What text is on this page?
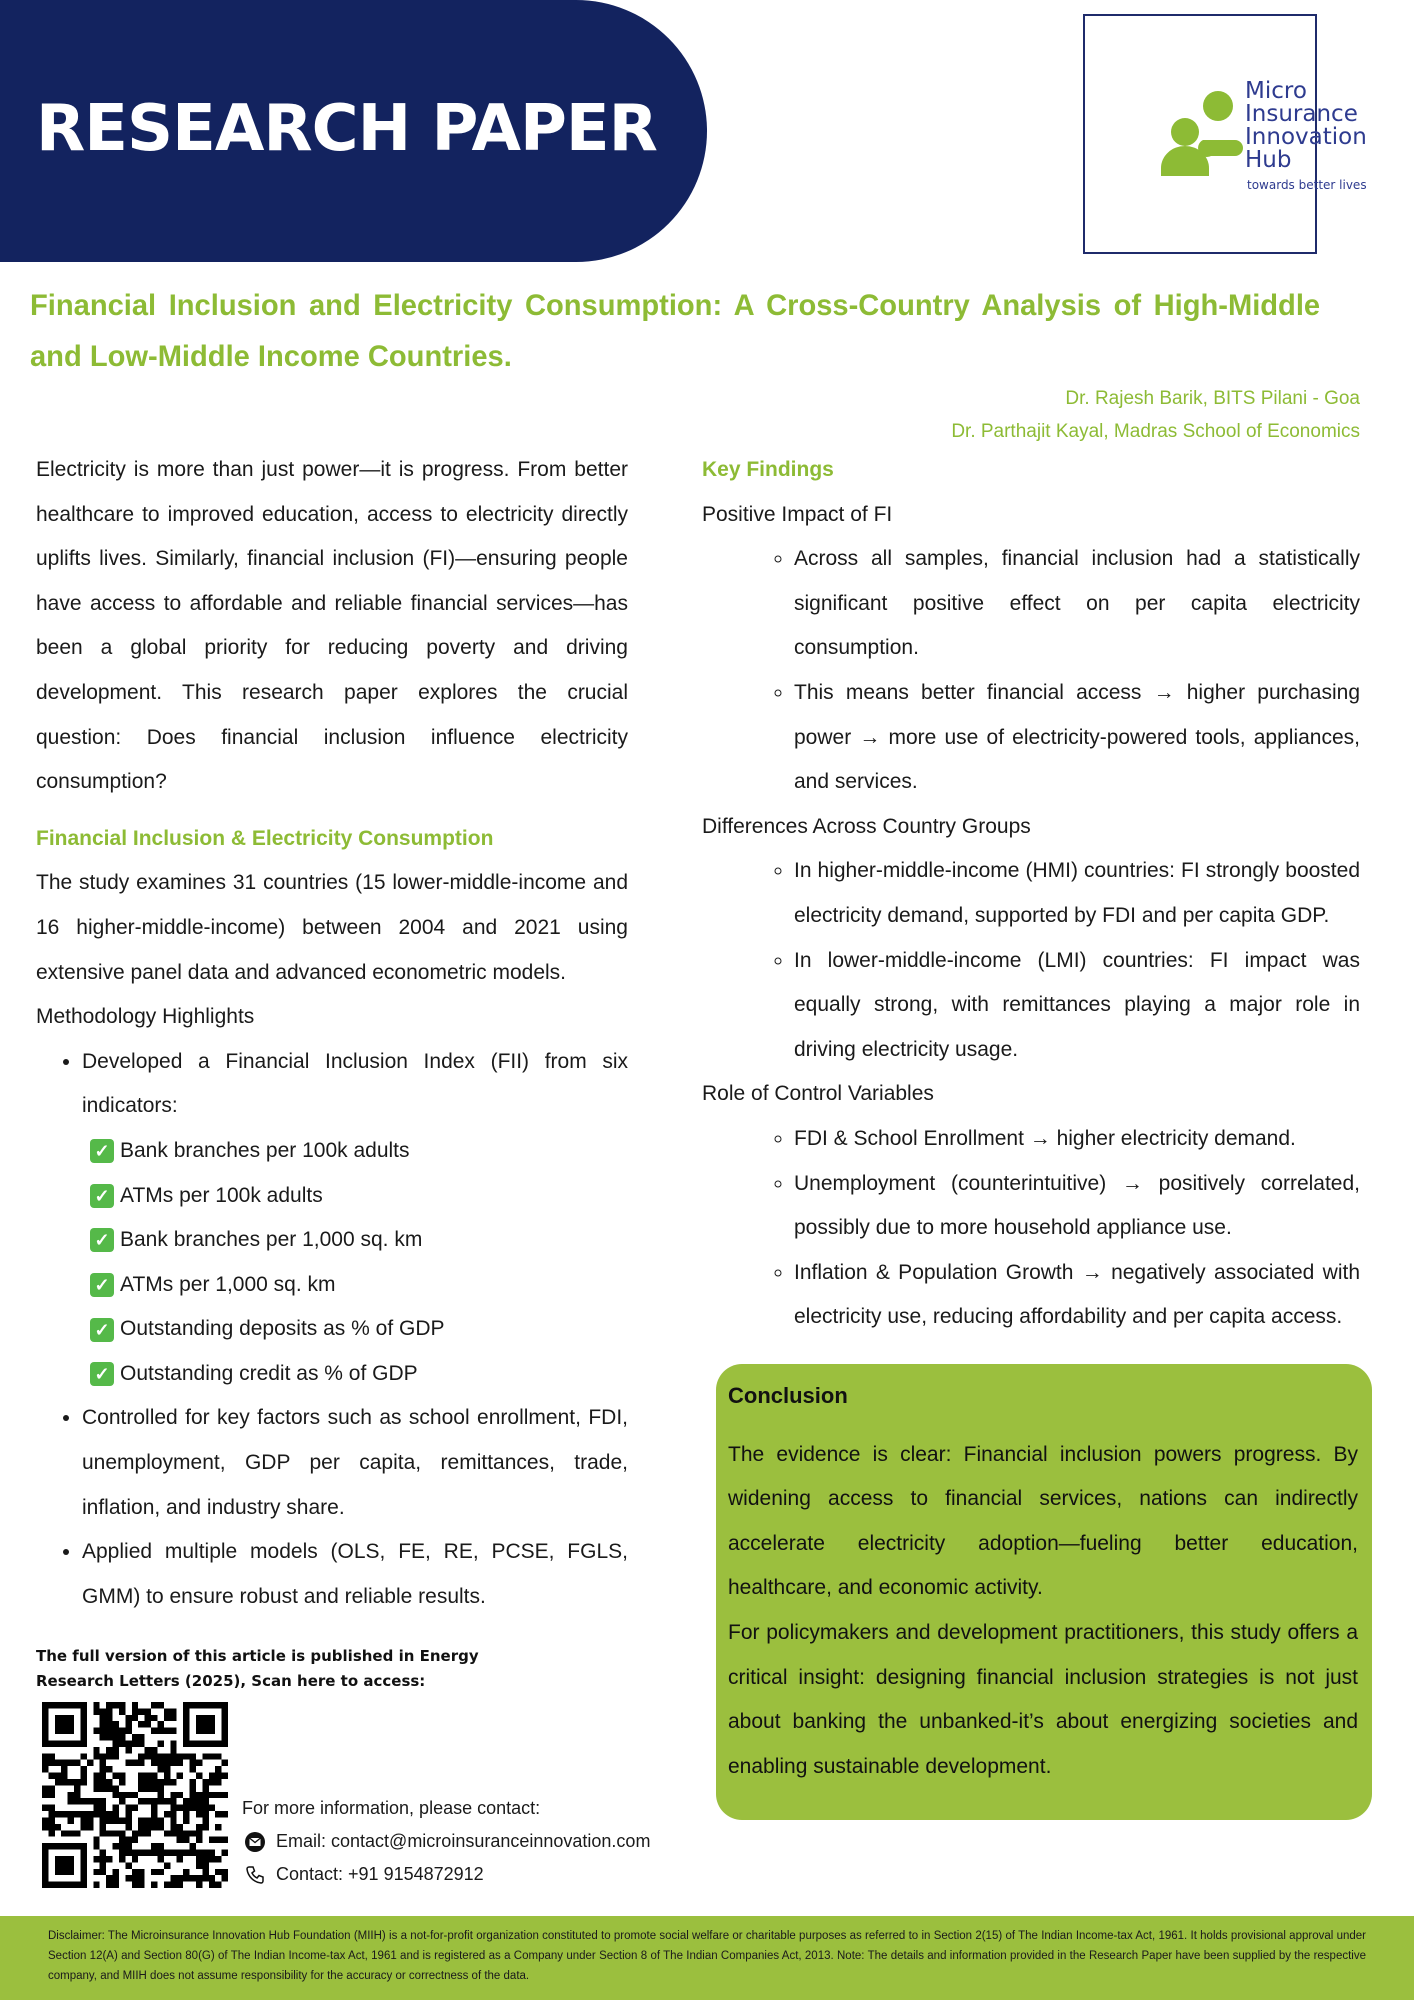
RESEARCH PAPER
Micro
Insurance
Innovation
Hub
towards better lives
Financial Inclusion and Electricity Consumption: A Cross-Country Analysis of High-Middle and Low-Middle Income Countries.
Dr. Rajesh Barik, BITS Pilani - Goa
Dr. Parthajit Kayal, Madras School of Economics
Electricity is more than just power—it is progress. From better healthcare to improved education, access to electricity directly uplifts lives. Similarly, financial inclusion (FI)—ensuring people have access to affordable and reliable financial services—has been a global priority for reducing poverty and driving development. This research paper explores the crucial question: Does financial inclusion influence electricity consumption?
Financial Inclusion & Electricity Consumption
The study examines 31 countries (15 lower-middle-income and 16 higher-middle-income) between 2004 and 2021 using extensive panel data and advanced econometric models.
Methodology Highlights
• Developed a Financial Inclusion Index (FII) from six indicators:
✓ Bank branches per 100k adults
✓ ATMs per 100k adults
✓ Bank branches per 1,000 sq. km
✓ ATMs per 1,000 sq. km
✓ Outstanding deposits as % of GDP
✓ Outstanding credit as % of GDP
• Controlled for key factors such as school enrollment, FDI, unemployment, GDP per capita, remittances, trade, inflation, and industry share.
• Applied multiple models (OLS, FE, RE, PCSE, FGLS, GMM) to ensure robust and reliable results.
Key Findings
Positive Impact of FI
◦ Across all samples, financial inclusion had a statistically significant positive effect on per capita electricity consumption.
◦ This means better financial access → higher purchasing power → more use of electricity-powered tools, appliances, and services.
Differences Across Country Groups
◦ In higher-middle-income (HMI) countries: FI strongly boosted electricity demand, supported by FDI and per capita GDP.
◦ In lower-middle-income (LMI) countries: FI impact was equally strong, with remittances playing a major role in driving electricity usage.
Role of Control Variables
◦ FDI & School Enrollment → higher electricity demand.
◦ Unemployment (counterintuitive) → positively correlated, possibly due to more household appliance use.
◦ Inflation & Population Growth → negatively associated with electricity use, reducing affordability and per capita access.
Conclusion
The evidence is clear: Financial inclusion powers progress. By widening access to financial services, nations can indirectly accelerate electricity adoption—fueling better education, healthcare, and economic activity.
For policymakers and development practitioners, this study offers a critical insight: designing financial inclusion strategies is not just about banking the unbanked-it’s about energizing societies and enabling sustainable development.
The full version of this article is published in Energy Research Letters (2025), Scan here to access:
For more information, please contact:
Email: contact@microinsuranceinnovation.com
Contact: +91 9154872912
Disclaimer: The Microinsurance Innovation Hub Foundation (MIIH) is a not-for-profit organization constituted to promote social welfare or charitable purposes as referred to in Section 2(15) of The Indian Income-tax Act, 1961. It holds provisional approval under Section 12(A) and Section 80(G) of The Indian Income-tax Act, 1961 and is registered as a Company under Section 8 of The Indian Companies Act, 2013. Note: The details and information provided in the Research Paper have been supplied by the respective company, and MIIH does not assume responsibility for the accuracy or correctness of the data.
